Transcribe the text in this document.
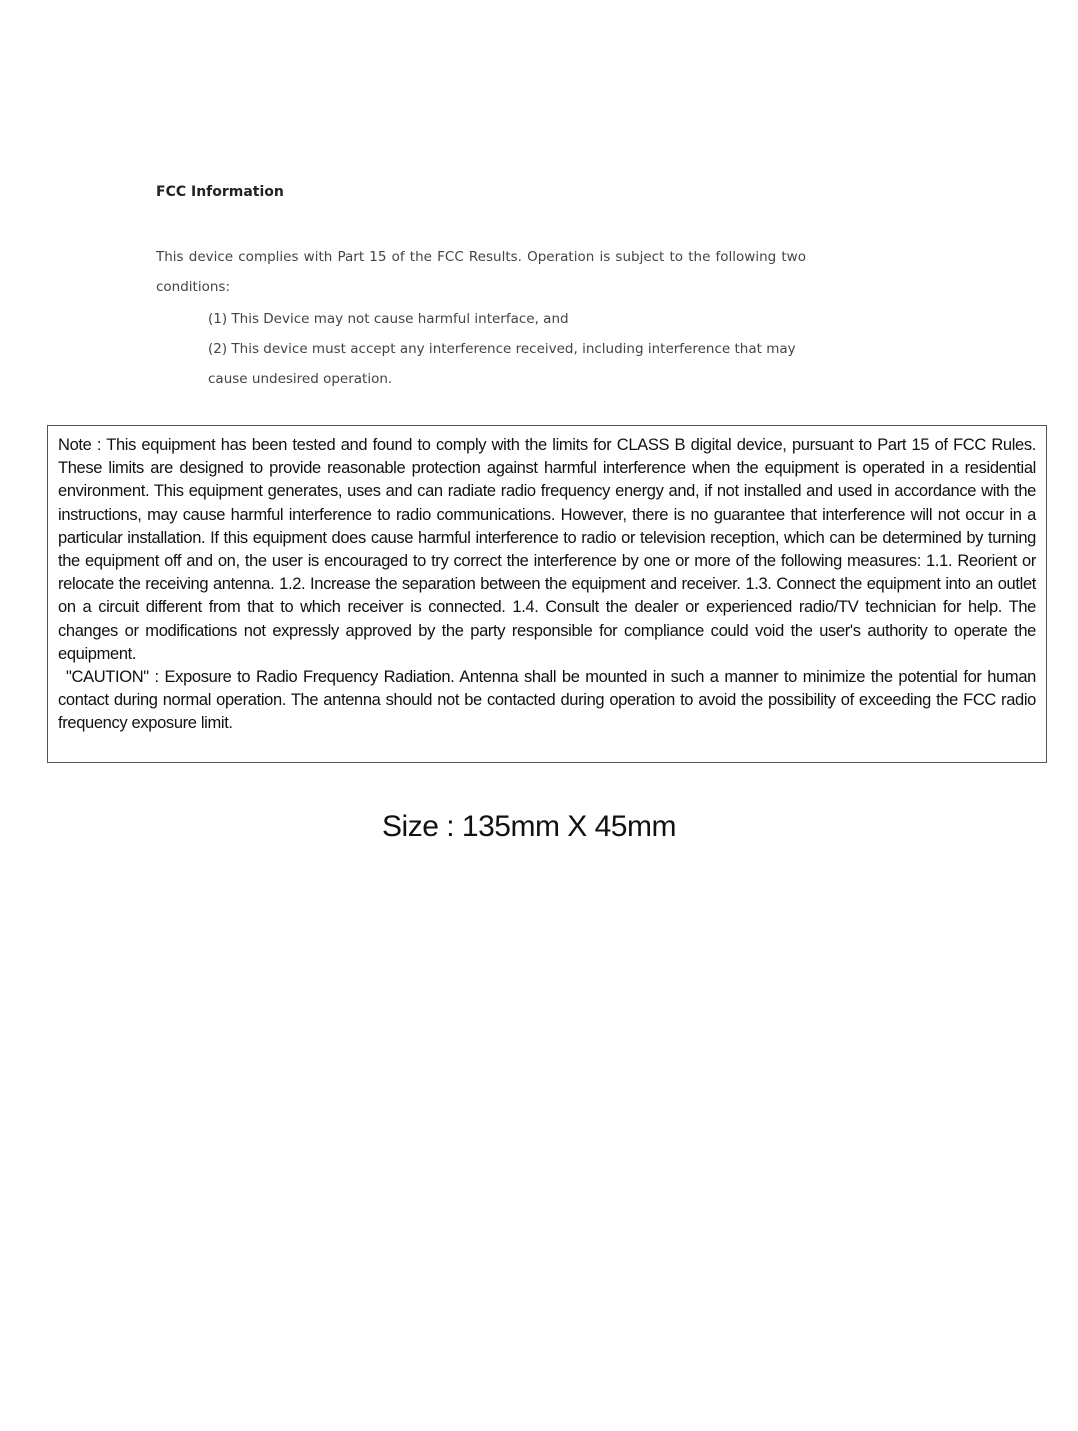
FCC Information

This device complies with Part 15 of the FCC Results. Operation is subject to the following two conditions:

(1) This Device may not cause harmful interface, and
(2) This device must accept any interference received, including interference that may cause undesired operation.

Note : This equipment has been tested and found to comply with the limits for CLASS B digital device, pursuant to Part 15 of FCC Rules. These limits are designed to provide reasonable protection against harmful interference when the equipment is operated in a residential environment. This equipment generates, uses and can radiate radio frequency energy and, if not installed and used in accordance with the instructions, may cause harmful interference to radio communications. However, there is no guarantee that interference will not occur in a particular installation. If this equipment does cause harmful interference to radio or television reception, which can be determined by turning the equipment off and on, the user is encouraged to try correct the interference by one or more of the following measures: 1.1. Reorient or relocate the receiving antenna. 1.2. Increase the separation between the equipment and receiver. 1.3. Connect the equipment into an outlet on a circuit different from that to which receiver is connected. 1.4. Consult the dealer or experienced radio/TV technician for help. The changes or modifications not expressly approved by the party responsible for compliance could void the user's authority to operate the equipment.

"CAUTION" : Exposure to Radio Frequency Radiation. Antenna shall be mounted in such a manner to minimize the potential for human contact during normal operation. The antenna should not be contacted during operation to avoid the possibility of exceeding the FCC radio frequency exposure limit.

Size : 135mm X 45mm
